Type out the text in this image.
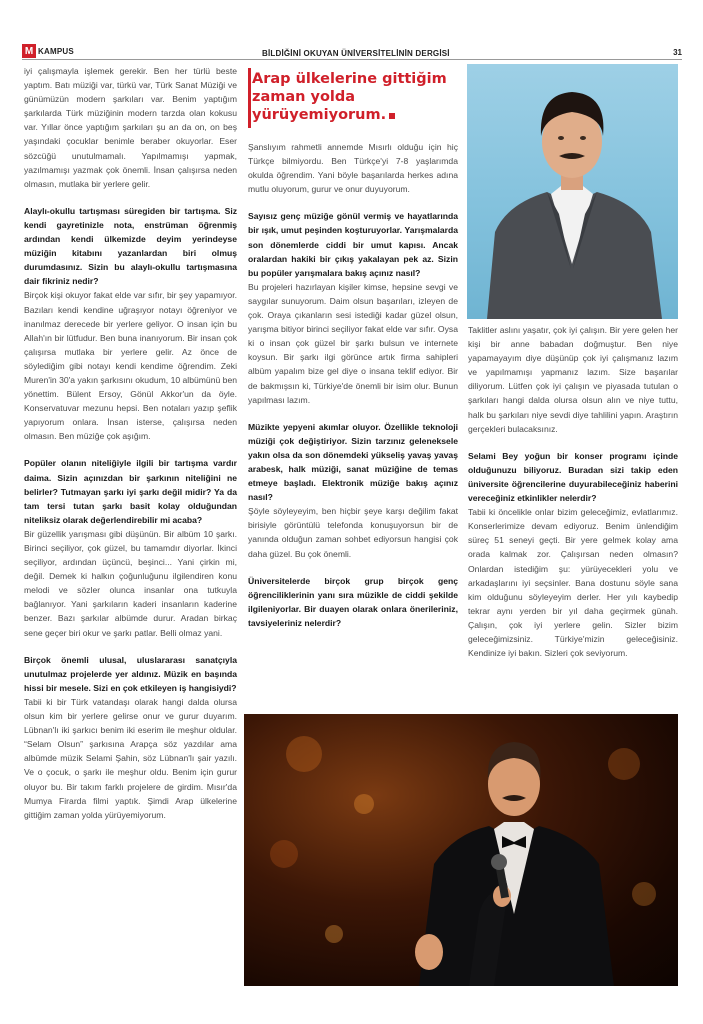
M KAMPUS	BİLDİĞİNİ OKUYAN ÜNİVERSİTELİNİN DERGİSİ	31

iyi çalışmayla işlemek gerekir. Ben her türlü beste yaptım. Batı müziği var, türkü var, Türk Sanat Müziği ve günümüzün modern şarkıları var. Benim yaptığım şarkılarda Türk müziğinin modern tarzda olan kokusu var. Yıllar önce yaptığım şarkıları şu an da on, on beş yaşındaki çocuklar benimle beraber okuyorlar. Eser sözcüğü unutulmamalı. Yapılmamışı yapmak, yazılmamışı yazmak çok önemli. İnsan çalışırsa neden olmasın, mutlaka bir yerlere gelir.

Alaylı-okullu tartışması süregiden bir tartışma. Siz kendi gayretinizle nota, enstrüman öğrenmiş ardından kendi ülkemizde deyim yerindeyse müziğin kitabını yazanlardan biri olmuş durumdasınız. Sizin bu alaylı-okullu tartışmasına dair fikriniz nedir?

Birçok kişi okuyor fakat elde var sıfır, bir şey yapamıyor. Bazıları kendi kendine uğraşıyor notayı öğreniyor ve inanılmaz derecede bir yerlere geliyor. O insan için bu Allah'ın bir lütfudur. Ben buna inanıyorum. Bir insan çok çalışırsa mutlaka bir yerlere gelir. Az önce de söylediğim gibi notayı kendi kendime öğrendim. Zeki Muren'in 30'a yakın şarkısını okudum, 10 albümünü ben yönettim. Bülent Ersoy, Gönül Akkor'un da öyle. Konservatuvar mezunu hepsi. Ben notaları yazıp şeflik yapıyorum onlara. İnsan isterse, çalışırsa neden olmasın. Ben müziğe çok aşığım.

Popüler olanın niteliğiyle ilgili bir tartışma vardır daima. Sizin açınızdan bir şarkının niteliğini ne belirler? Tutmayan şarkı iyi şarkı değil midir? Ya da tam tersi tutan şarkı basit kolay olduğundan niteliksiz olarak değerlendirebilir mi acaba?

Bir güzellik yarışması gibi düşünün. Bir albüm 10 şarkı. Birinci seçiliyor, çok güzel, bu tamamdır diyorlar. İkinci seçiliyor, ardından üçüncü, beşinci... Yani çirkin mi, değil. Demek ki halkın çoğunluğunu ilgilendiren konu melodi ve sözler olunca insanlar ona tutkuyla bağlanıyor. Yani şarkıların kaderi insanların kaderine benzer. Bazı şarkılar albümde durur. Aradan birkaç sene geçer biri okur ve şarkı patlar. Belli olmaz yani.

Birçok önemli ulusal, uluslararası sanatçıyla unutulmaz projelerde yer aldınız. Müzik en başında hissi bir mesele. Sizi en çok etkileyen iş hangisiydi?

Tabii ki bir Türk vatandaşı olarak hangi dalda olursa olsun kim bir yerlere gelirse onur ve gurur duyarım. Lübnan'lı iki şarkıcı benim iki eserim ile meşhur oldular. “Selam Olsun” şarkısına Arapça söz yazdılar ama albümde müzik Selami Şahin, söz Lübnan'lı şair yazılı. Ve o çocuk, o şarkı ile meşhur oldu. Benim için gurur oluyor bu. Bir takım farklı projelere de girdim. Mısır'da Mumya Firarda filmi yaptık. Şimdi Arap ülkelerine gittiğim zaman yolda yürüyemiyorum.

Arap ülkelerine gittiğim zaman yolda yürüyemiyorum.

Şanslıyım rahmetli annemde Mısırlı olduğu için hiç Türkçe bilmiyordu. Ben Türkçe'yi 7-8 yaşlarımda okulda öğrendim. Yani böyle başarılarda herkes adına mutlu oluyorum, gurur ve onur duyuyorum.

Sayısız genç müziğe gönül vermiş ve hayatlarında bir ışık, umut peşinden koşturuyorlar. Yarışmalarda son dönemlerde ciddi bir umut kapısı. Ancak oralardan hakiki bir çıkış yakalayan pek az. Sizin bu popüler yarışmalara bakış açınız nasıl?

Bu projeleri hazırlayan kişiler kimse, hepsine sevgi ve saygılar sunuyorum. Daim olsun başarıları, izleyen de çok. Oraya çıkanların sesi istediği kadar güzel olsun, yarışma bitiyor birinci seçiliyor fakat elde var sıfır. Oysa ki o insan çok güzel bir şarkı bulsun ve internete koysun. Bir şarkı ilgi görünce artık firma sahipleri albüm yapalım bize gel diye o insana teklif ediyor. Bir de bakmışsın ki, Türkiye'de önemli bir isim olur. Bunun yapılması lazım.

Müzikte yepyeni akımlar oluyor. Özellikle teknoloji müziği çok değiştiriyor. Sizin tarzınız geleneksele yakın olsa da son dönemdeki yükseliş yavaş yavaş arabesk, halk müziği, sanat müziğine de temas etmeye başladı. Elektronik müziğe bakış açınız nasıl?

Şöyle söyleyeyim, ben hiçbir şeye karşı değilim fakat birisiyle görüntülü telefonda konuşuyorsun bir de yanında olduğun zaman sohbet ediyorsun hangisi çok daha güzel. Bu çok önemli.

Üniversitelerde birçok grup birçok genç öğrenciliklerinin yanı sıra müzikle de ciddi şekilde ilgileniyorlar. Bir duayen olarak onlara önerileriniz, tavsiyeleriniz nelerdir?

Taklitler aslını yaşatır, çok iyi çalışın. Bir yere gelen her kişi bir anne babadan doğmuştur. Ben niye yapamayayım diye düşünüp çok iyi çalışmanız lazım ve yapılmamışı yapmanız lazım. Size başarılar diliyorum. Lütfen çok iyi çalışın ve piyasada tutulan o şarkıları hangi dalda olursa olsun alın ve niye tuttu, halk bu şarkıları niye sevdi diye tahlilini yapın. Araştırın gerçekleri bulacaksınız.

Selami Bey yoğun bir konser programı içinde olduğunuzu biliyoruz. Buradan sizi takip eden üniversite öğrencilerine duyurabileceğiniz haberini vereceğiniz etkinlikler nelerdir?

Tabii ki öncelikle onlar bizim geleceğimiz, evlatlarımız. Konserlerimize devam ediyoruz. Benim ünlendiğim süreç 51 seneyi geçti. Bir yere gelmek kolay ama orada kalmak zor. Çalışırsan neden olmasın? Onlardan istediğim şu: yürüyecekleri yolu ve arkadaşlarını iyi seçsinler. Bana dostunu söyle sana kim olduğunu söyleyeyim derler. Her yılı kaybedip tekrar aynı yerden bir yıl daha geçirmek günah. Çalışın, çok iyi yerlere gelin. Sizler bizim geleceğimizsiniz. Türkiye'mizin geleceğisiniz. Kendinize iyi bakın. Sizleri çok seviyorum.
